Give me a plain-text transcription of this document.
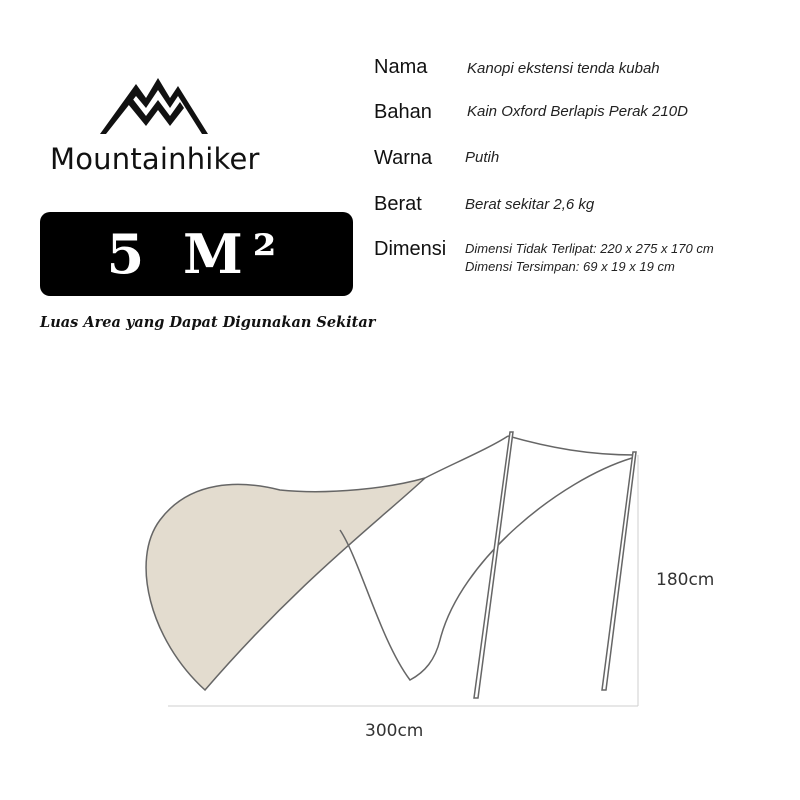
Mountainhiker
5 M²
Luas Area yang Dapat Digunakan Sekitar
Nama	Kanopi ekstensi tenda kubah
Bahan Kain Oxford Berlapis Perak 210D
Warna Putih
Berat	Berat sekitar 2,6 kg
Dimensi Dimensi Tidak Terlipat: 220 x 275 x 170 cm
Dimensi Tersimpan: 69 x 19 x 19 cm
180cm
300cm
